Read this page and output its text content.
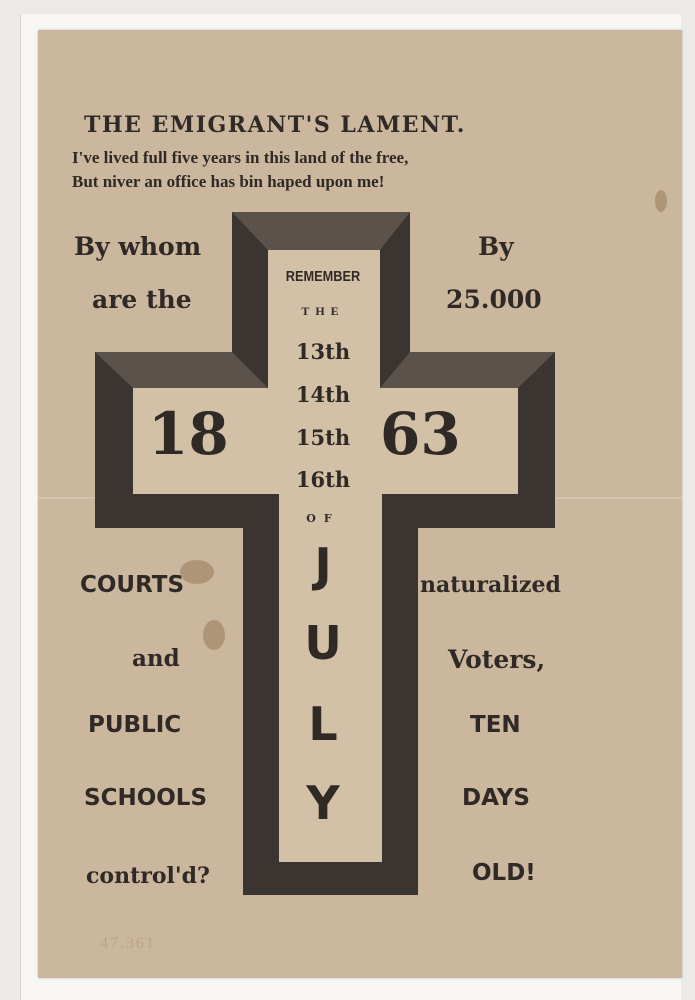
THE EMIGRANT'S LAMENT.
I've lived full five years in this land of the free,
But niver an office has bin haped upon me!
REMEMBER
THE
13th
14th
15th
16th
OF
J
U
L
Y
18	63
By whom
are the
COURTS
and
PUBLIC
SCHOOLS
control'd?
By
25.000
naturalized
Voters,
TEN
DAYS
OLD!
47.361
